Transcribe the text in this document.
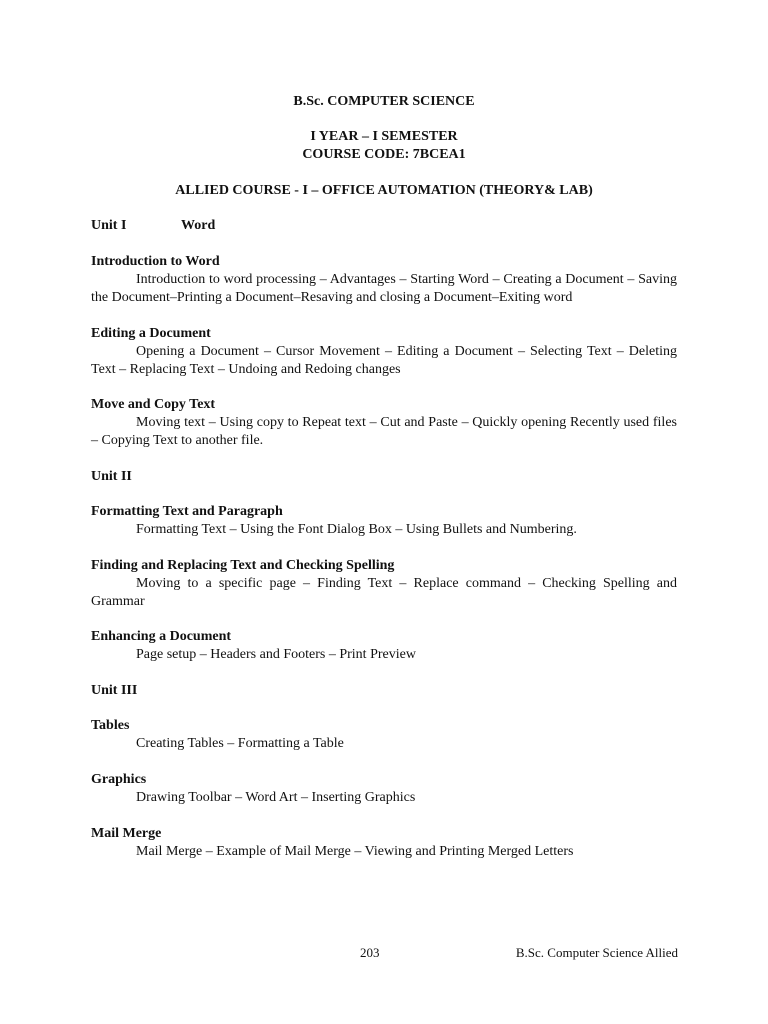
B.Sc. COMPUTER SCIENCE
I YEAR – I SEMESTER
COURSE CODE: 7BCEA1
ALLIED COURSE - I – OFFICE AUTOMATION (THEORY& LAB)
Unit I	Word
Introduction to Word
Introduction to word processing – Advantages – Starting Word – Creating a Document – Saving the Document–Printing a Document–Resaving and closing a Document–Exiting word
Editing a Document
Opening a Document – Cursor Movement – Editing a Document – Selecting Text – Deleting Text – Replacing Text – Undoing and Redoing changes
Move and Copy Text
Moving text – Using copy to Repeat text – Cut and Paste – Quickly opening Recently used files – Copying Text to another file.
Unit II
Formatting Text and Paragraph
Formatting Text – Using the Font Dialog Box – Using Bullets and Numbering.
Finding and Replacing Text and Checking Spelling
Moving to a specific page – Finding Text – Replace command – Checking Spelling and Grammar
Enhancing a Document
Page setup – Headers and Footers – Print Preview
Unit III
Tables
Creating Tables – Formatting a Table
Graphics
Drawing Toolbar – Word Art – Inserting Graphics
Mail Merge
Mail Merge – Example of Mail Merge – Viewing and Printing Merged Letters
203	B.Sc. Computer Science Allied
